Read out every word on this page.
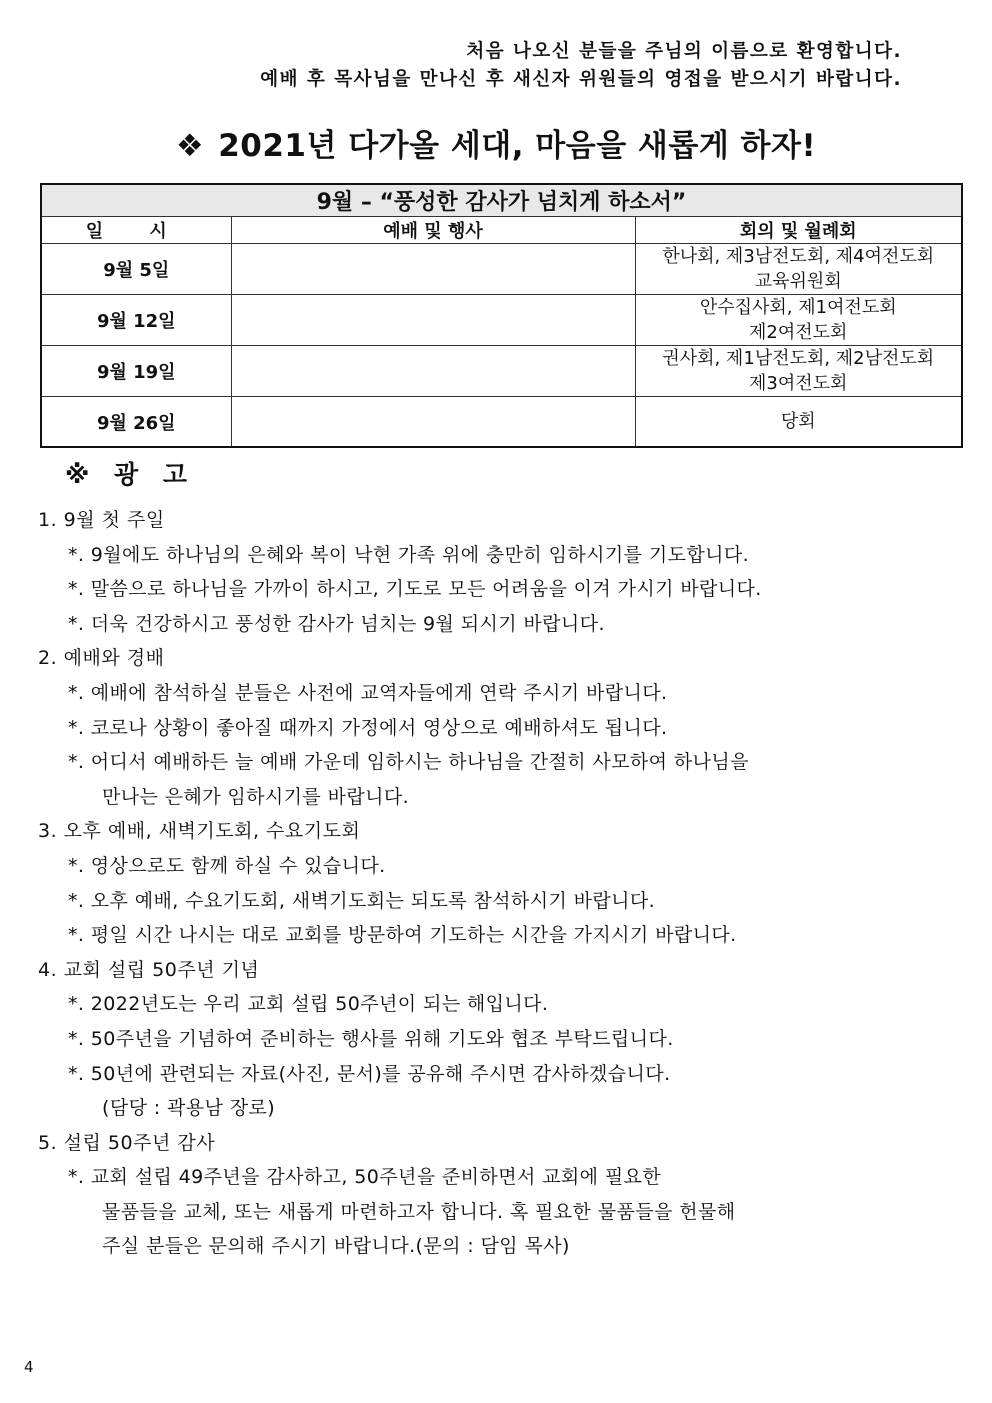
처음 나오신 분들을 주님의 이름으로 환영합니다.
예배 후 목사님을 만나신 후 새신자 위원들의 영접을 받으시기 바랍니다.
❖ 2021년 다가올 세대, 마음을 새롭게 하자!
9월 – “풍성한 감사가 넘치게 하소서”		
일 시	예배 및 행사	회의 및 월례회
9월 5일		한나회, 제3남전도회, 제4여전도회
교육위원회

9월 12일		안수집사회, 제1여전도회
제2여전도회

9월 19일		권사회, 제1남전도회, 제2남전도회
제3여전도회

9월 26일		당회
※ 광 고
1. 9월 첫 주일
*. 9월에도 하나님의 은혜와 복이 낙현 가족 위에 충만히 임하시기를 기도합니다.
*. 말씀으로 하나님을 가까이 하시고, 기도로 모든 어려움을 이겨 가시기 바랍니다.
*. 더욱 건강하시고 풍성한 감사가 넘치는 9월 되시기 바랍니다.
2. 예배와 경배
*. 예배에 참석하실 분들은 사전에 교역자들에게 연락 주시기 바랍니다.
*. 코로나 상황이 좋아질 때까지 가정에서 영상으로 예배하셔도 됩니다.
*. 어디서 예배하든 늘 예배 가운데 임하시는 하나님을 간절히 사모하여 하나님을
만나는 은혜가 임하시기를 바랍니다.
3. 오후 예배, 새벽기도회, 수요기도회
*. 영상으로도 함께 하실 수 있습니다.
*. 오후 예배, 수요기도회, 새벽기도회는 되도록 참석하시기 바랍니다.
*. 평일 시간 나시는 대로 교회를 방문하여 기도하는 시간을 가지시기 바랍니다.
4. 교회 설립 50주년 기념
*. 2022년도는 우리 교회 설립 50주년이 되는 해입니다.
*. 50주년을 기념하여 준비하는 행사를 위해 기도와 협조 부탁드립니다.
*. 50년에 관련되는 자료(사진, 문서)를 공유해 주시면 감사하겠습니다.
(담당 : 곽용남 장로)
5. 설립 50주년 감사
*. 교회 설립 49주년을 감사하고, 50주년을 준비하면서 교회에 필요한
물품들을 교체, 또는 새롭게 마련하고자 합니다. 혹 필요한 물품들을 헌물해
주실 분들은 문의해 주시기 바랍니다.(문의 : 담임 목사)
4
